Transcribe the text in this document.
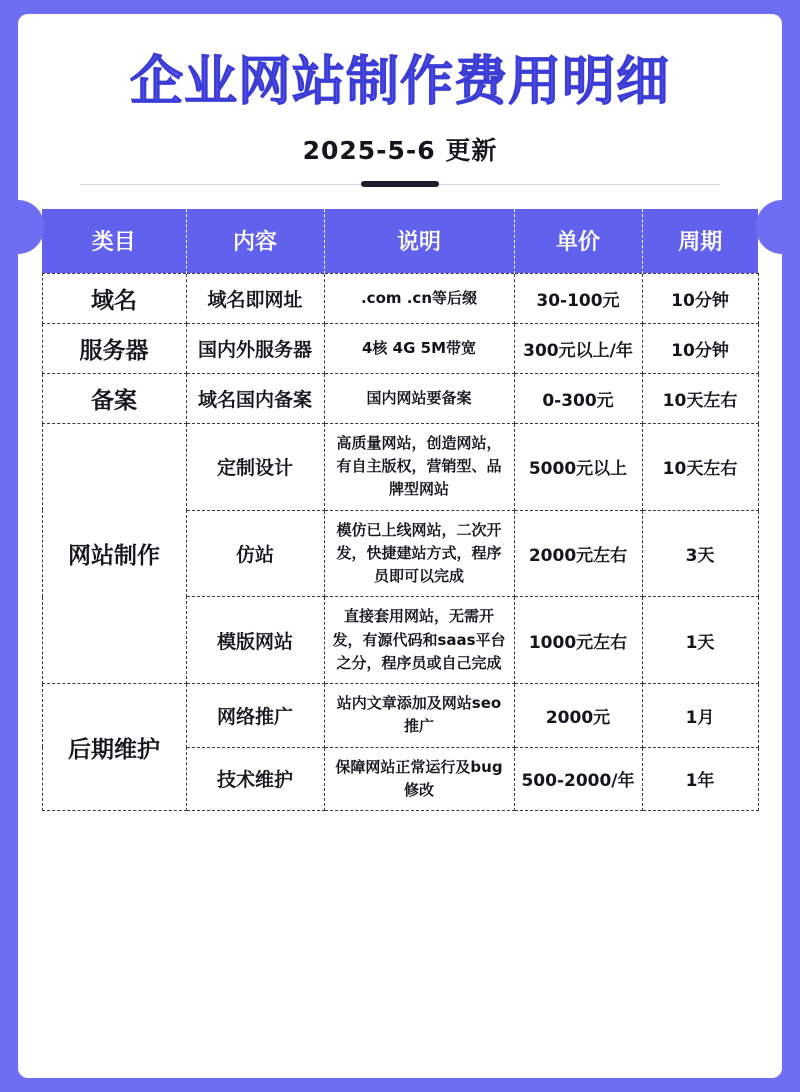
企业网站制作费用明细
2025-5-6 更新
类目	内容	说明	单价	周期
域名	域名即网址	.com .cn等后缀	30-100元	10分钟
服务器	国内外服务器	4核 4G 5M带宽	300元以上/年	10分钟
备案	域名国内备案	国内网站要备案	0-300元	10天左右
网站制作	定制设计	高质量网站，创造网站，有自主版权，营销型、品牌型网站	5000元以上	10天左右
	仿站	模仿已上线网站，二次开发，快捷建站方式，程序员即可以完成	2000元左右	3天
	模版网站	直接套用网站，无需开发，有源代码和saas平台之分，程序员或自己完成	1000元左右	1天
后期维护	网络推广	站内文章添加及网站seo推广	2000元	1月
	技术维护	保障网站正常运行及bug修改	500-2000/年	1年
